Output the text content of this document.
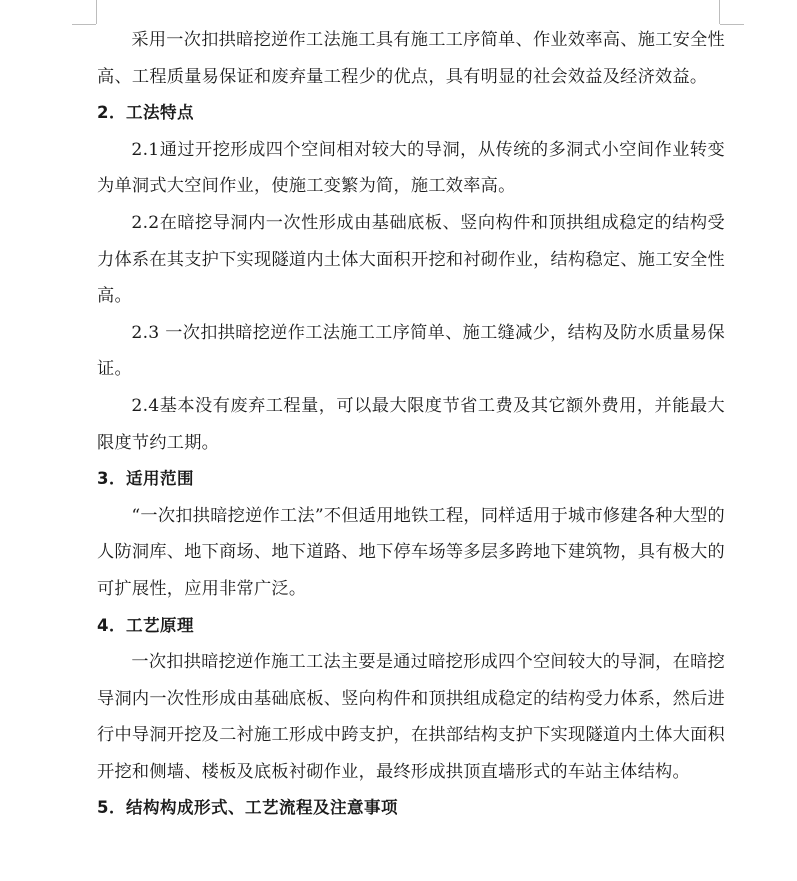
采用一次扣拱暗挖逆作工法施工具有施工工序简单、作业效率高、施工安全性高、工程质量易保证和废弃量工程少的优点，具有明显的社会效益及经济效益。

2．工法特点

2.1通过开挖形成四个空间相对较大的导洞，从传统的多洞式小空间作业转变为单洞式大空间作业，使施工变繁为简，施工效率高。

2.2在暗挖导洞内一次性形成由基础底板、竖向构件和顶拱组成稳定的结构受力体系在其支护下实现隧道内土体大面积开挖和衬砌作业，结构稳定、施工安全性高。

2.3 一次扣拱暗挖逆作工法施工工序简单、施工缝减少，结构及防水质量易保证。

2.4基本没有废弃工程量，可以最大限度节省工费及其它额外费用，并能最大限度节约工期。

3．适用范围

“一次扣拱暗挖逆作工法”不但适用地铁工程，同样适用于城市修建各种大型的人防洞库、地下商场、地下道路、地下停车场等多层多跨地下建筑物，具有极大的可扩展性，应用非常广泛。

4．工艺原理

一次扣拱暗挖逆作施工工法主要是通过暗挖形成四个空间较大的导洞，在暗挖导洞内一次性形成由基础底板、竖向构件和顶拱组成稳定的结构受力体系，然后进行中导洞开挖及二衬施工形成中跨支护，在拱部结构支护下实现隧道内土体大面积开挖和侧墙、楼板及底板衬砌作业，最终形成拱顶直墙形式的车站主体结构。

5．结构构成形式、工艺流程及注意事项
